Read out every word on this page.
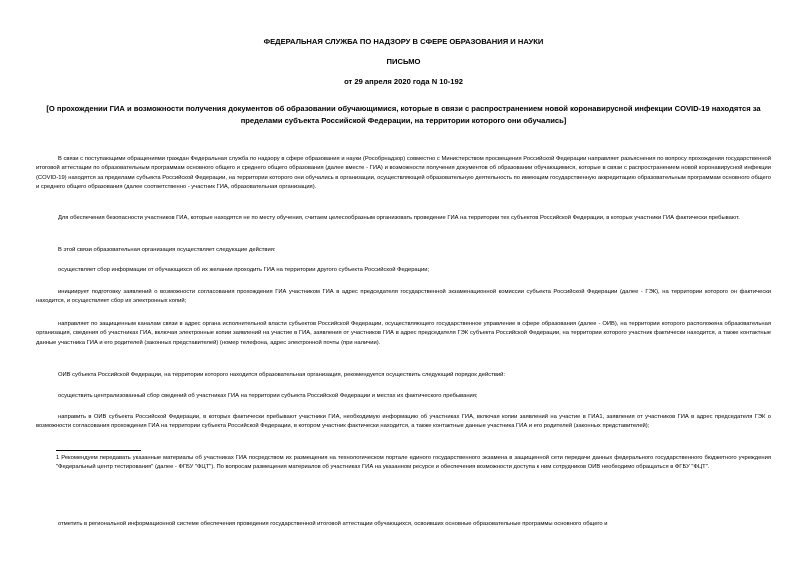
ФЕДЕРАЛЬНАЯ СЛУЖБА ПО НАДЗОРУ В СФЕРЕ ОБРАЗОВАНИЯ И НАУКИ
ПИСЬМО
от 29 апреля 2020 года N 10-192
[О прохождении ГИА и возможности получения документов об образовании обучающимися, которые в связи с распространением новой коронавирусной инфекции COVID-19 находятся за пределами субъекта Российской Федерации, на территории которого они обучались]
В связи с поступающими обращениями граждан Федеральная служба по надзору в сфере образования и науки (Рособрнадзор) совместно с Министерством просвещения Российской Федерации направляет разъяснения по вопросу прохождения государственной итоговой аттестации по образовательным программам основного общего и среднего общего образования (далее вместе - ГИА) и возможности получения документов об образовании обучающимися, которые в связи с распространением новой коронавирусной инфекции (COVID-19) находятся за пределами субъекта Российской Федерации, на территории которого они обучались в организации, осуществляющей образовательную деятельность по имеющим государственную аккредитацию образовательным программам основного общего и среднего общего образования (далее соответственно - участник ГИА, образовательная организация).
Для обеспечения безопасности участников ГИА, которые находятся не по месту обучения, считаем целесообразным организовать проведение ГИА на территории тех субъектов Российской Федерации, в которых участники ГИА фактически пребывают.
В этой связи образовательная организация осуществляет следующие действия:
осуществляет сбор информации от обучающихся об их желании проходить ГИА на территории другого субъекта Российской Федерации;
инициирует подготовку заявлений о возможности согласования прохождения ГИА участником ГИА в адрес председателя государственной экзаменационной комиссии субъекта Российской Федерации (далее - ГЭК), на территории которого он фактически находится, и осуществляет сбор их электронных копий;
направляет по защищенным каналам связи в адрес органа исполнительной власти субъектов Российской Федерации, осуществляющего государственное управление в сфере образования (далее - ОИВ), на территории которого расположена образовательная организация, сведения об участниках ГИА, включая электронные копии заявлений на участие в ГИА, заявления от участников ГИА в адрес председателя ГЭК субъекта Российской Федерации, на территории которого участник фактически находится, а также контактные данные участника ГИА и его родителей (законных представителей) (номер телефона, адрес электронной почты (при наличии).
ОИВ субъекта Российской Федерации, на территории которого находится образовательная организация, рекомендуется осуществить следующий порядок действий:
осуществить централизованный сбор сведений об участниках ГИА на территории субъекта Российской Федерации и местах их фактического пребывания;
направить в ОИВ субъекта Российской Федерации, в которых фактически пребывают участники ГИА, необходимую информацию об участниках ГИА, включая копии заявлений на участие в ГИА1, заявления от участников ГИА в адрес председателя ГЭК о возможности согласования прохождения ГИА на территории субъекта Российской Федерации, в котором участник фактически находится, а также контактные данные участника ГИА и его родителей (законных представителей);
1 Рекомендуем передавать указанные материалы об участниках ГИА посредством их размещения на технологическом портале единого государственного экзамена в защищенной сети передачи данных федерального государственного бюджетного учреждения "Федеральный центр тестирования" (далее - ФГБУ "ФЦТ"). По вопросам размещения материалов об участниках ГИА на указанном ресурсе и обеспечения возможности доступа к ним сотрудников ОИВ необходимо обращаться в ФГБУ "ФЦТ".
отметить в региональной информационной системе обеспечения проведения государственной итоговой аттестации обучающихся, освоивших основные образовательные программы основного общего и
